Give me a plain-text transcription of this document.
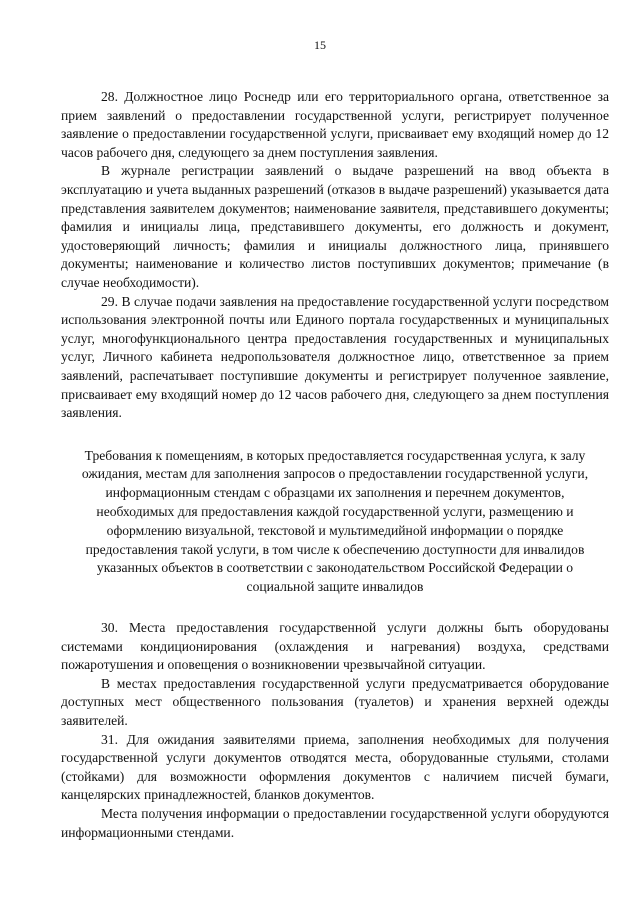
15

28. Должностное лицо Роснедр или его территориального органа, ответственное за прием заявлений о предоставлении государственной услуги, регистрирует полученное заявление о предоставлении государственной услуги, присваивает ему входящий номер до 12 часов рабочего дня, следующего за днем поступления заявления.

В журнале регистрации заявлений о выдаче разрешений на ввод объекта в эксплуатацию и учета выданных разрешений (отказов в выдаче разрешений) указывается дата представления заявителем документов; наименование заявителя, представившего документы; фамилия и инициалы лица, представившего документы, его должность и документ, удостоверяющий личность; фамилия и инициалы должностного лица, принявшего документы; наименование и количество листов поступивших документов; примечание (в случае необходимости).

29. В случае подачи заявления на предоставление государственной услуги посредством использования электронной почты или Единого портала государственных и муниципальных услуг, многофункционального центра предоставления государственных и муниципальных услуг, Личного кабинета недропользователя должностное лицо, ответственное за прием заявлений, распечатывает поступившие документы и регистрирует полученное заявление, присваивает ему входящий номер до 12 часов рабочего дня, следующего за днем поступления заявления.

Требования к помещениям, в которых предоставляется государственная услуга, к залу ожидания, местам для заполнения запросов о предоставлении государственной услуги, информационным стендам с образцами их заполнения и перечнем документов, необходимых для предоставления каждой государственной услуги, размещению и оформлению визуальной, текстовой и мультимедийной информации о порядке предоставления такой услуги, в том числе к обеспечению доступности для инвалидов указанных объектов в соответствии с законодательством Российской Федерации о социальной защите инвалидов

30. Места предоставления государственной услуги должны быть оборудованы системами кондиционирования (охлаждения и нагревания) воздуха, средствами пожаротушения и оповещения о возникновении чрезвычайной ситуации.

В местах предоставления государственной услуги предусматривается оборудование доступных мест общественного пользования (туалетов) и хранения верхней одежды заявителей.

31. Для ожидания заявителями приема, заполнения необходимых для получения государственной услуги документов отводятся места, оборудованные стульями, столами (стойками) для возможности оформления документов с наличием писчей бумаги, канцелярских принадлежностей, бланков документов.

Места получения информации о предоставлении государственной услуги оборудуются информационными стендами.
